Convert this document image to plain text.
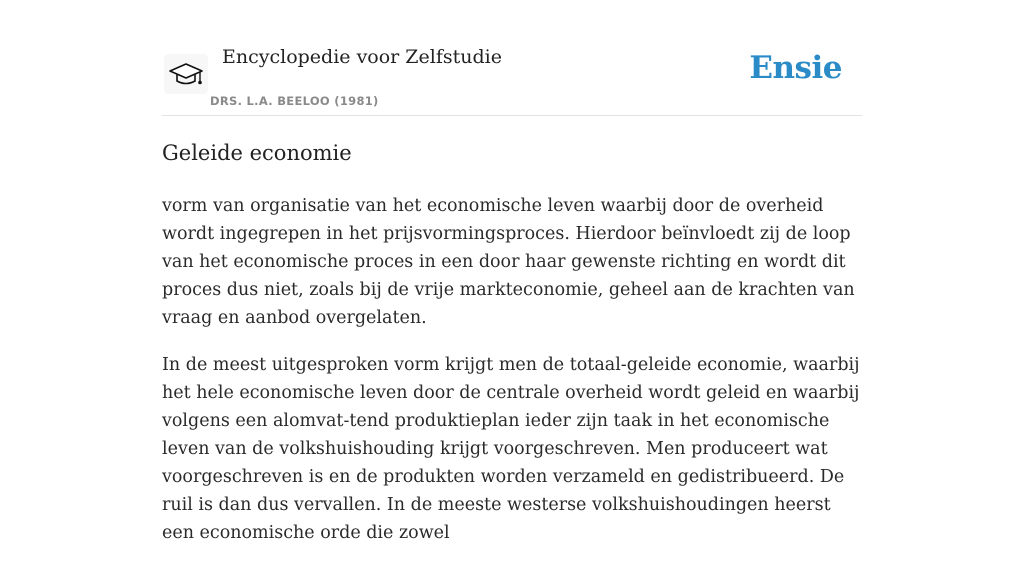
Encyclopedie voor Zelfstudie
DRS. L.A. BEELOO (1981)
Ensie
Geleide economie

vorm van organisatie van het economische leven waarbij door de overheid wordt ingegrepen in het prijsvormingsproces. Hierdoor beïnvloedt zij de loop van het economische proces in een door haar gewenste richting en wordt dit proces dus niet, zoals bij de vrije markteconomie, geheel aan de krachten van vraag en aanbod overgelaten.

In de meest uitgesproken vorm krijgt men de totaal-geleide economie, waarbij het hele economische leven door de centrale overheid wordt geleid en waarbij volgens een alomvat-tend produktieplan ieder zijn taak in het economische leven van de volkshuishouding krijgt voorgeschreven. Men produceert wat voorgeschreven is en de produkten worden verzameld en gedistribueerd. De ruil is dan dus vervallen. In de meeste westerse volkshuishoudingen heerst een economische orde die zowel
